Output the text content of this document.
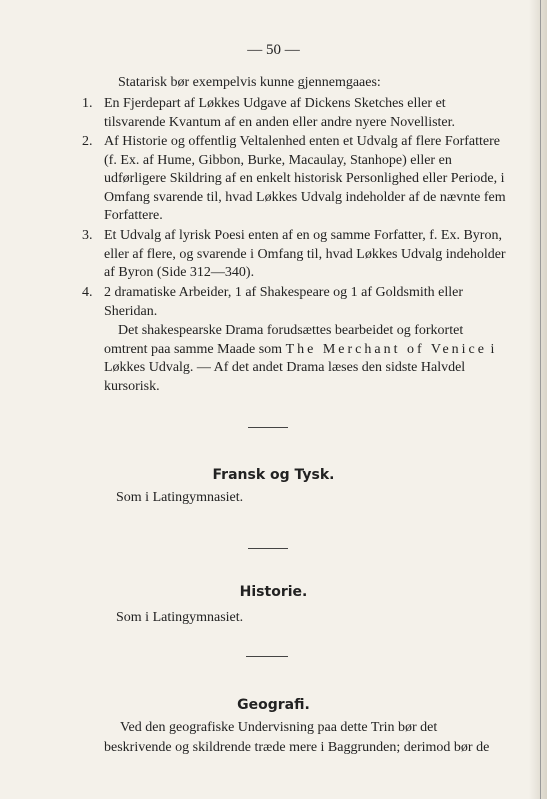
— 50 —
Statarisk bør exempelvis kunne gjennemgaaes:
1. En Fjerdepart af Løkkes Udgave af Dickens Sketches eller et tilsvarende Kvantum af en anden eller andre nyere Novellister.
2. Af Historie og offentlig Veltalenhed enten et Udvalg af flere Forfattere (f. Ex. af Hume, Gibbon, Burke, Macaulay, Stanhope) eller en udførligere Skildring af en enkelt historisk Personlighed eller Periode, i Omfang svarende til, hvad Løkkes Udvalg indeholder af de nævnte fem Forfattere.
3. Et Udvalg af lyrisk Poesi enten af en og samme Forfatter, f. Ex. Byron, eller af flere, og svarende i Omfang til, hvad Løkkes Udvalg indeholder af Byron (Side 312—340).
4. 2 dramatiske Arbeider, 1 af Shakespeare og 1 af Goldsmith eller Sheridan.
Det shakespearske Drama forudsættes bearbeidet og forkortet omtrent paa samme Maade som The Merchant of Venice i Løkkes Udvalg. — Af det andet Drama læses den sidste Halvdel kursorisk.
Fransk og Tysk.
Som i Latingymnasiet.
Historie.
Som i Latingymnasiet.
Geografi.
Ved den geografiske Undervisning paa dette Trin bør det beskrivende og skildrende træde mere i Baggrunden; derimod bør de
